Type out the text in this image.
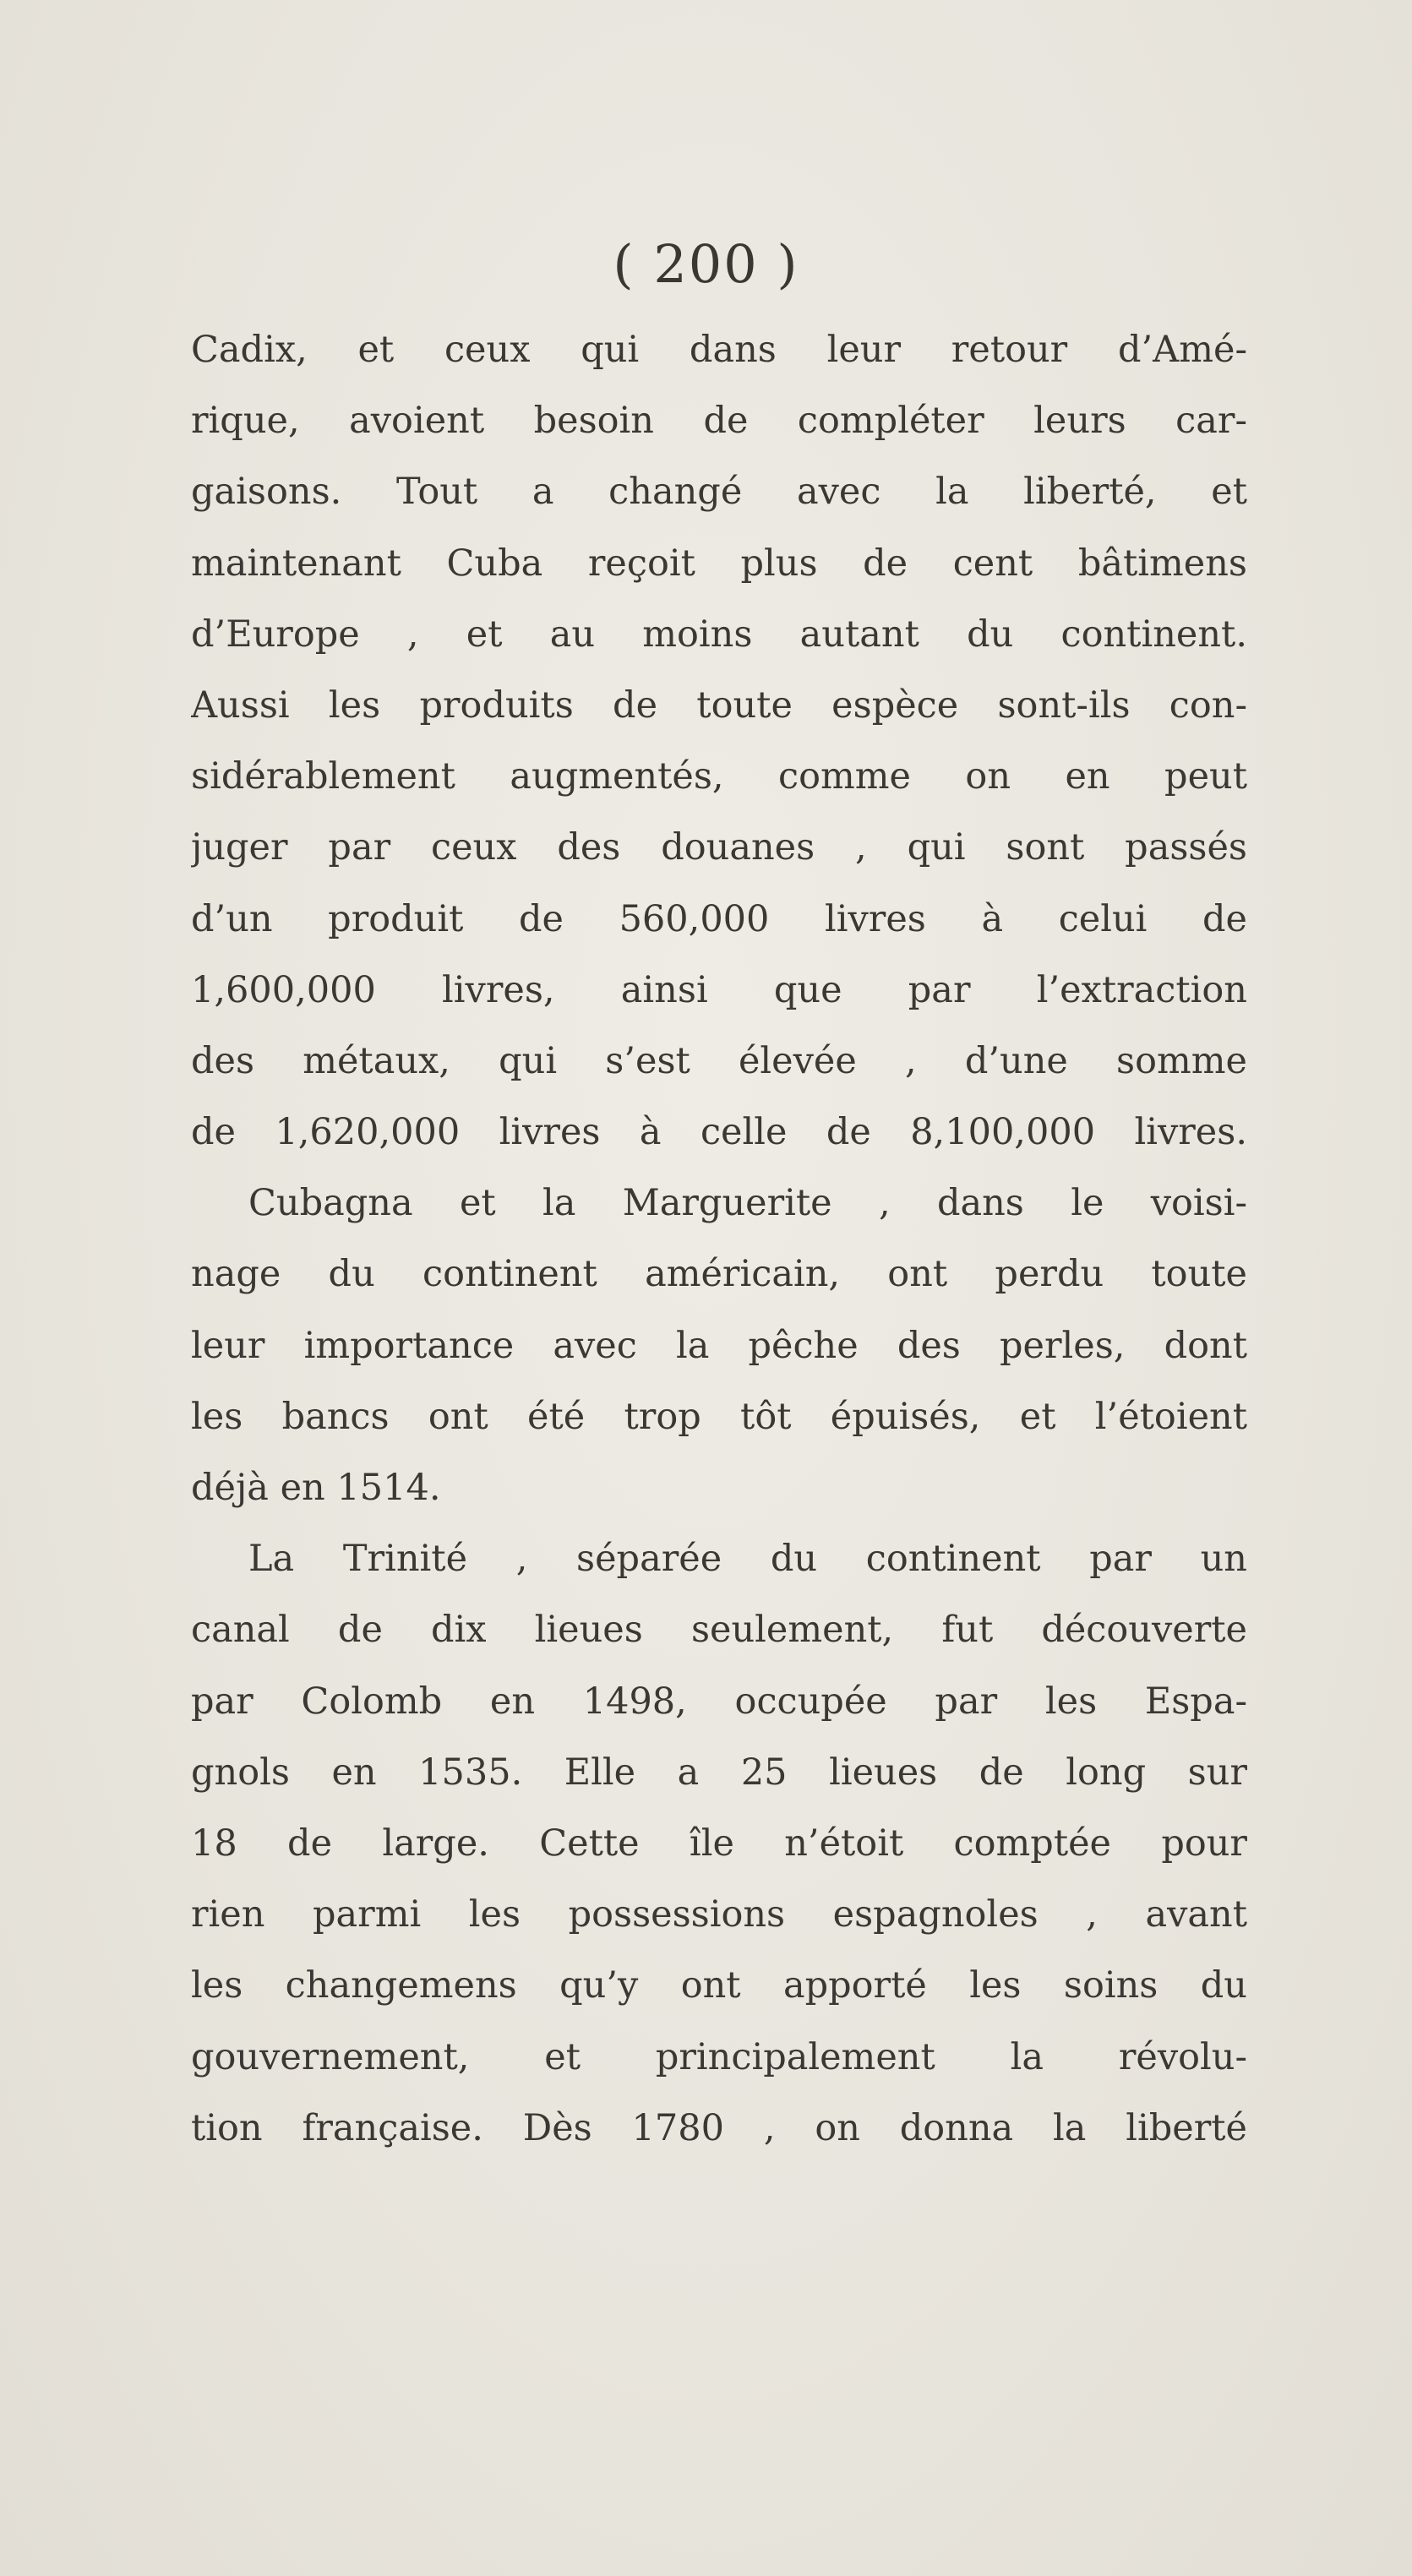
( 200 )
Cadix, et ceux qui dans leur retour d’Amé-
rique, avoient besoin de compléter leurs car-
gaisons. Tout a changé avec la liberté, et
maintenant Cuba reçoit plus de cent bâtimens
d’Europe , et au moins autant du continent.
Aussi les produits de toute espèce sont-ils con-
sidérablement augmentés, comme on en peut
juger par ceux des douanes , qui sont passés
d’un produit de 560,000 livres à celui de
1,600,000 livres, ainsi que par l’extraction
des métaux, qui s’est élevée , d’une somme
de 1,620,000 livres à celle de 8,100,000 livres.
Cubagna et la Marguerite , dans le voisi-
nage du continent américain, ont perdu toute
leur importance avec la pêche des perles, dont
les bancs ont été trop tôt épuisés, et l’étoient
déjà en 1514.
La Trinité , séparée du continent par un
canal de dix lieues seulement, fut découverte
par Colomb en 1498, occupée par les Espa-
gnols en 1535. Elle a 25 lieues de long sur
18 de large. Cette île n’étoit comptée pour
rien parmi les possessions espagnoles , avant
les changemens qu’y ont apporté les soins du
gouvernement, et principalement la révolu-
tion française. Dès 1780 , on donna la liberté
